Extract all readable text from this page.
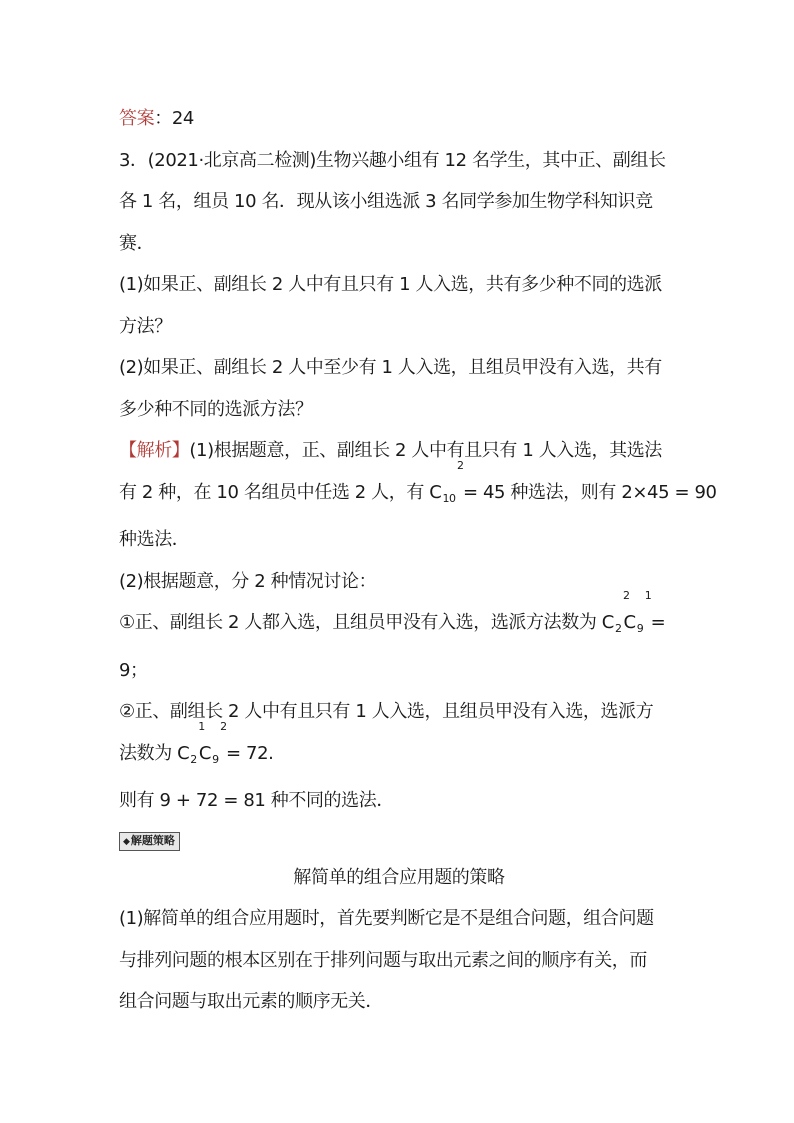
答案：24
3．(2021·北京高二检测)生物兴趣小组有 12 名学生，其中正、副组长
各 1 名，组员 10 名．现从该小组选派 3 名同学参加生物学科知识竞
赛．
(1)如果正、副组长 2 人中有且只有 1 人入选，共有多少种不同的选派
方法？
(2)如果正、副组长 2 人中至少有 1 人入选，且组员甲没有入选，共有
多少种不同的选派方法？
【解析】(1)根据题意，正、副组长 2 人中有且只有 1 人入选，其选法
有 2 种，在 10 名组员中任选 2 人，有 $C_{10}$
2
= 45 种选法，则有 2×45 = 90
种选法．
(2)根据题意，分 2 种情况讨论：
①正、副组长 2 人都入选，且组员甲没有入选，选派方法数为 $C_2$
2
$C_9$
1
=
9；
②正、副组长 2 人中有且只有 1 人入选，且组员甲没有入选，选派方
法数为 $C_2$
1
$C_9$
2
= 72.
则有 9 + 72 = 81 种不同的选法．
◆解题策略
解简单的组合应用题的策略
(1)解简单的组合应用题时，首先要判断它是不是组合问题，组合问题
与排列问题的根本区别在于排列问题与取出元素之间的顺序有关，而
组合问题与取出元素的顺序无关．
